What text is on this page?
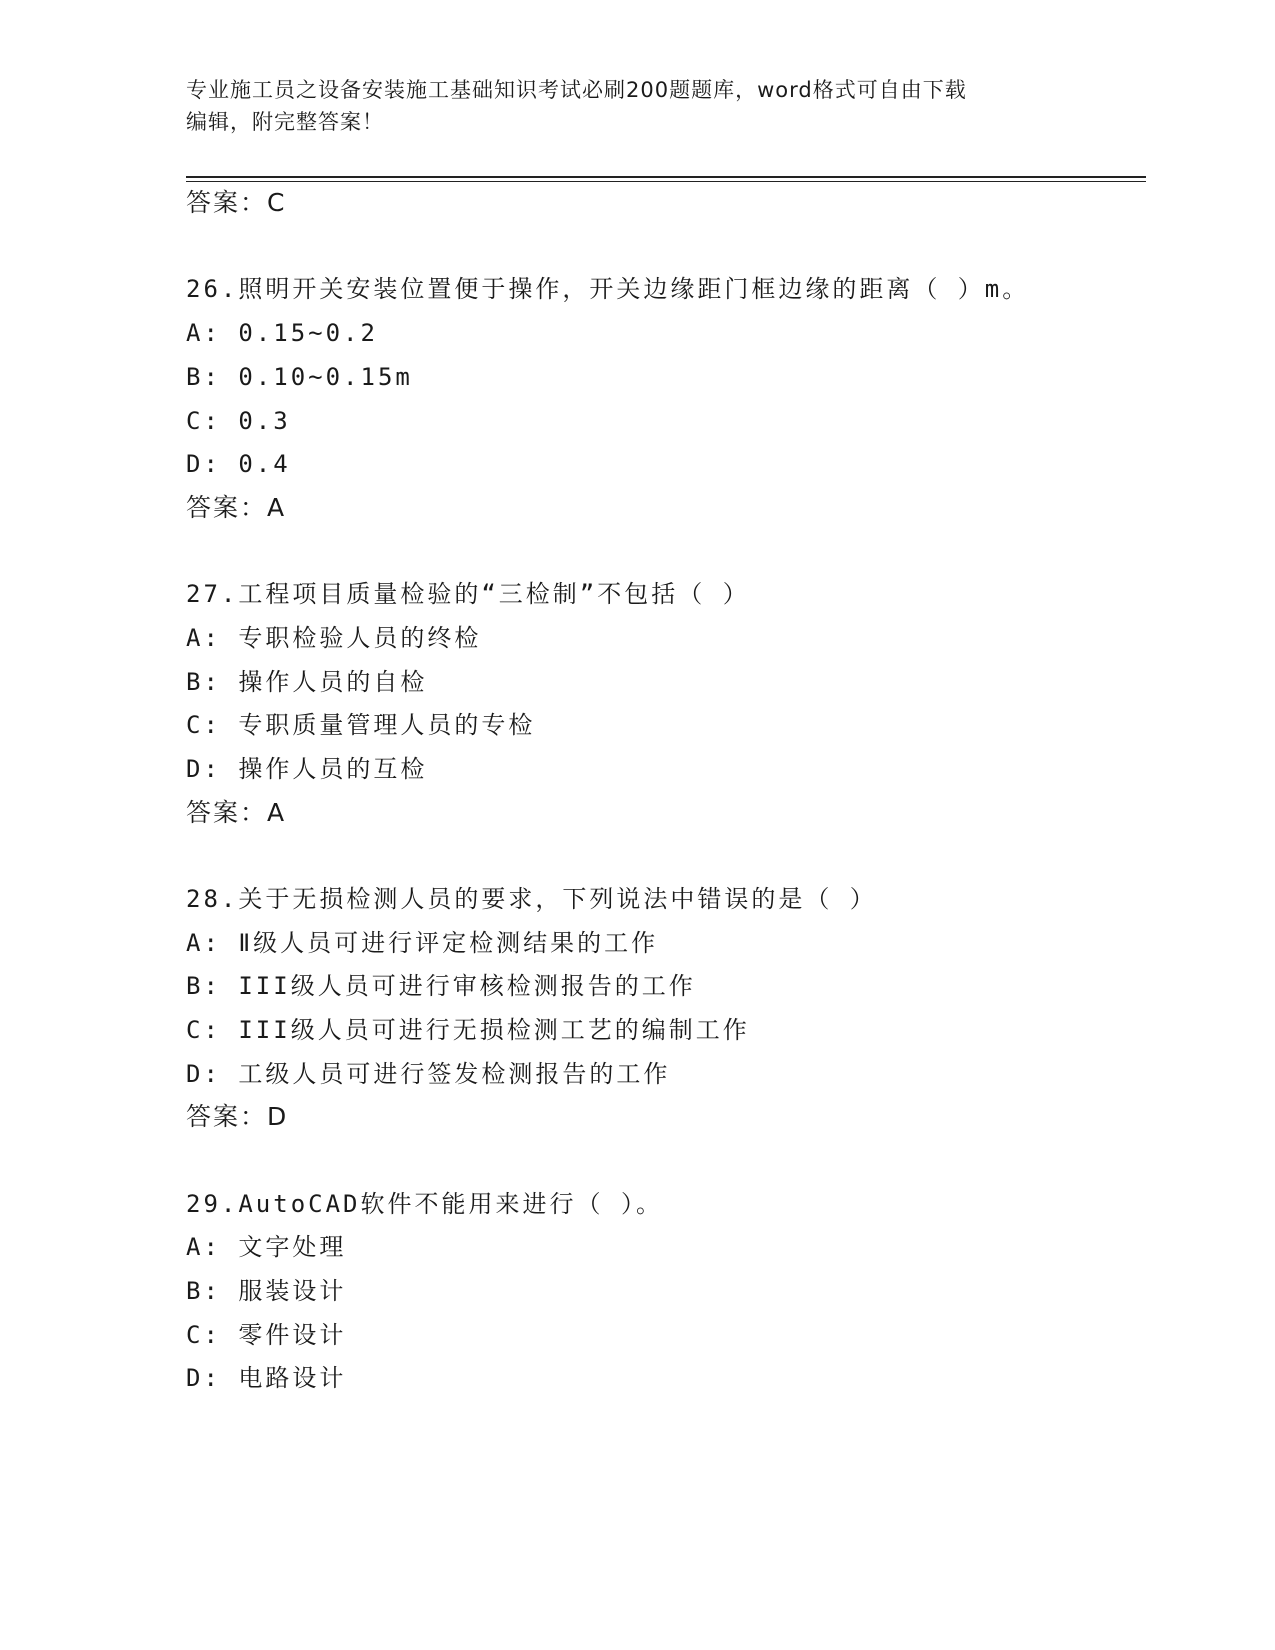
专业施工员之设备安装施工基础知识考试必刷200题题库，word格式可自由下载
编辑，附完整答案！
答案：C
26.照明开关安装位置便于操作，开关边缘距门框边缘的距离（ ）m。
A: 0.15~0.2
B: 0.10~0.15m
C: 0.3
D: 0.4
答案：A
27.工程项目质量检验的“三检制”不包括（ ）
A: 专职检验人员的终检
B: 操作人员的自检
C: 专职质量管理人员的专检
D: 操作人员的互检
答案：A
28.关于无损检测人员的要求，下列说法中错误的是（ ）
A: Ⅱ级人员可进行评定检测结果的工作
B: III级人员可进行审核检测报告的工作
C: III级人员可进行无损检测工艺的编制工作
D: 工级人员可进行签发检测报告的工作
答案：D
29.AutoCAD软件不能用来进行（ ）。
A: 文字处理
B: 服装设计
C: 零件设计
D: 电路设计
